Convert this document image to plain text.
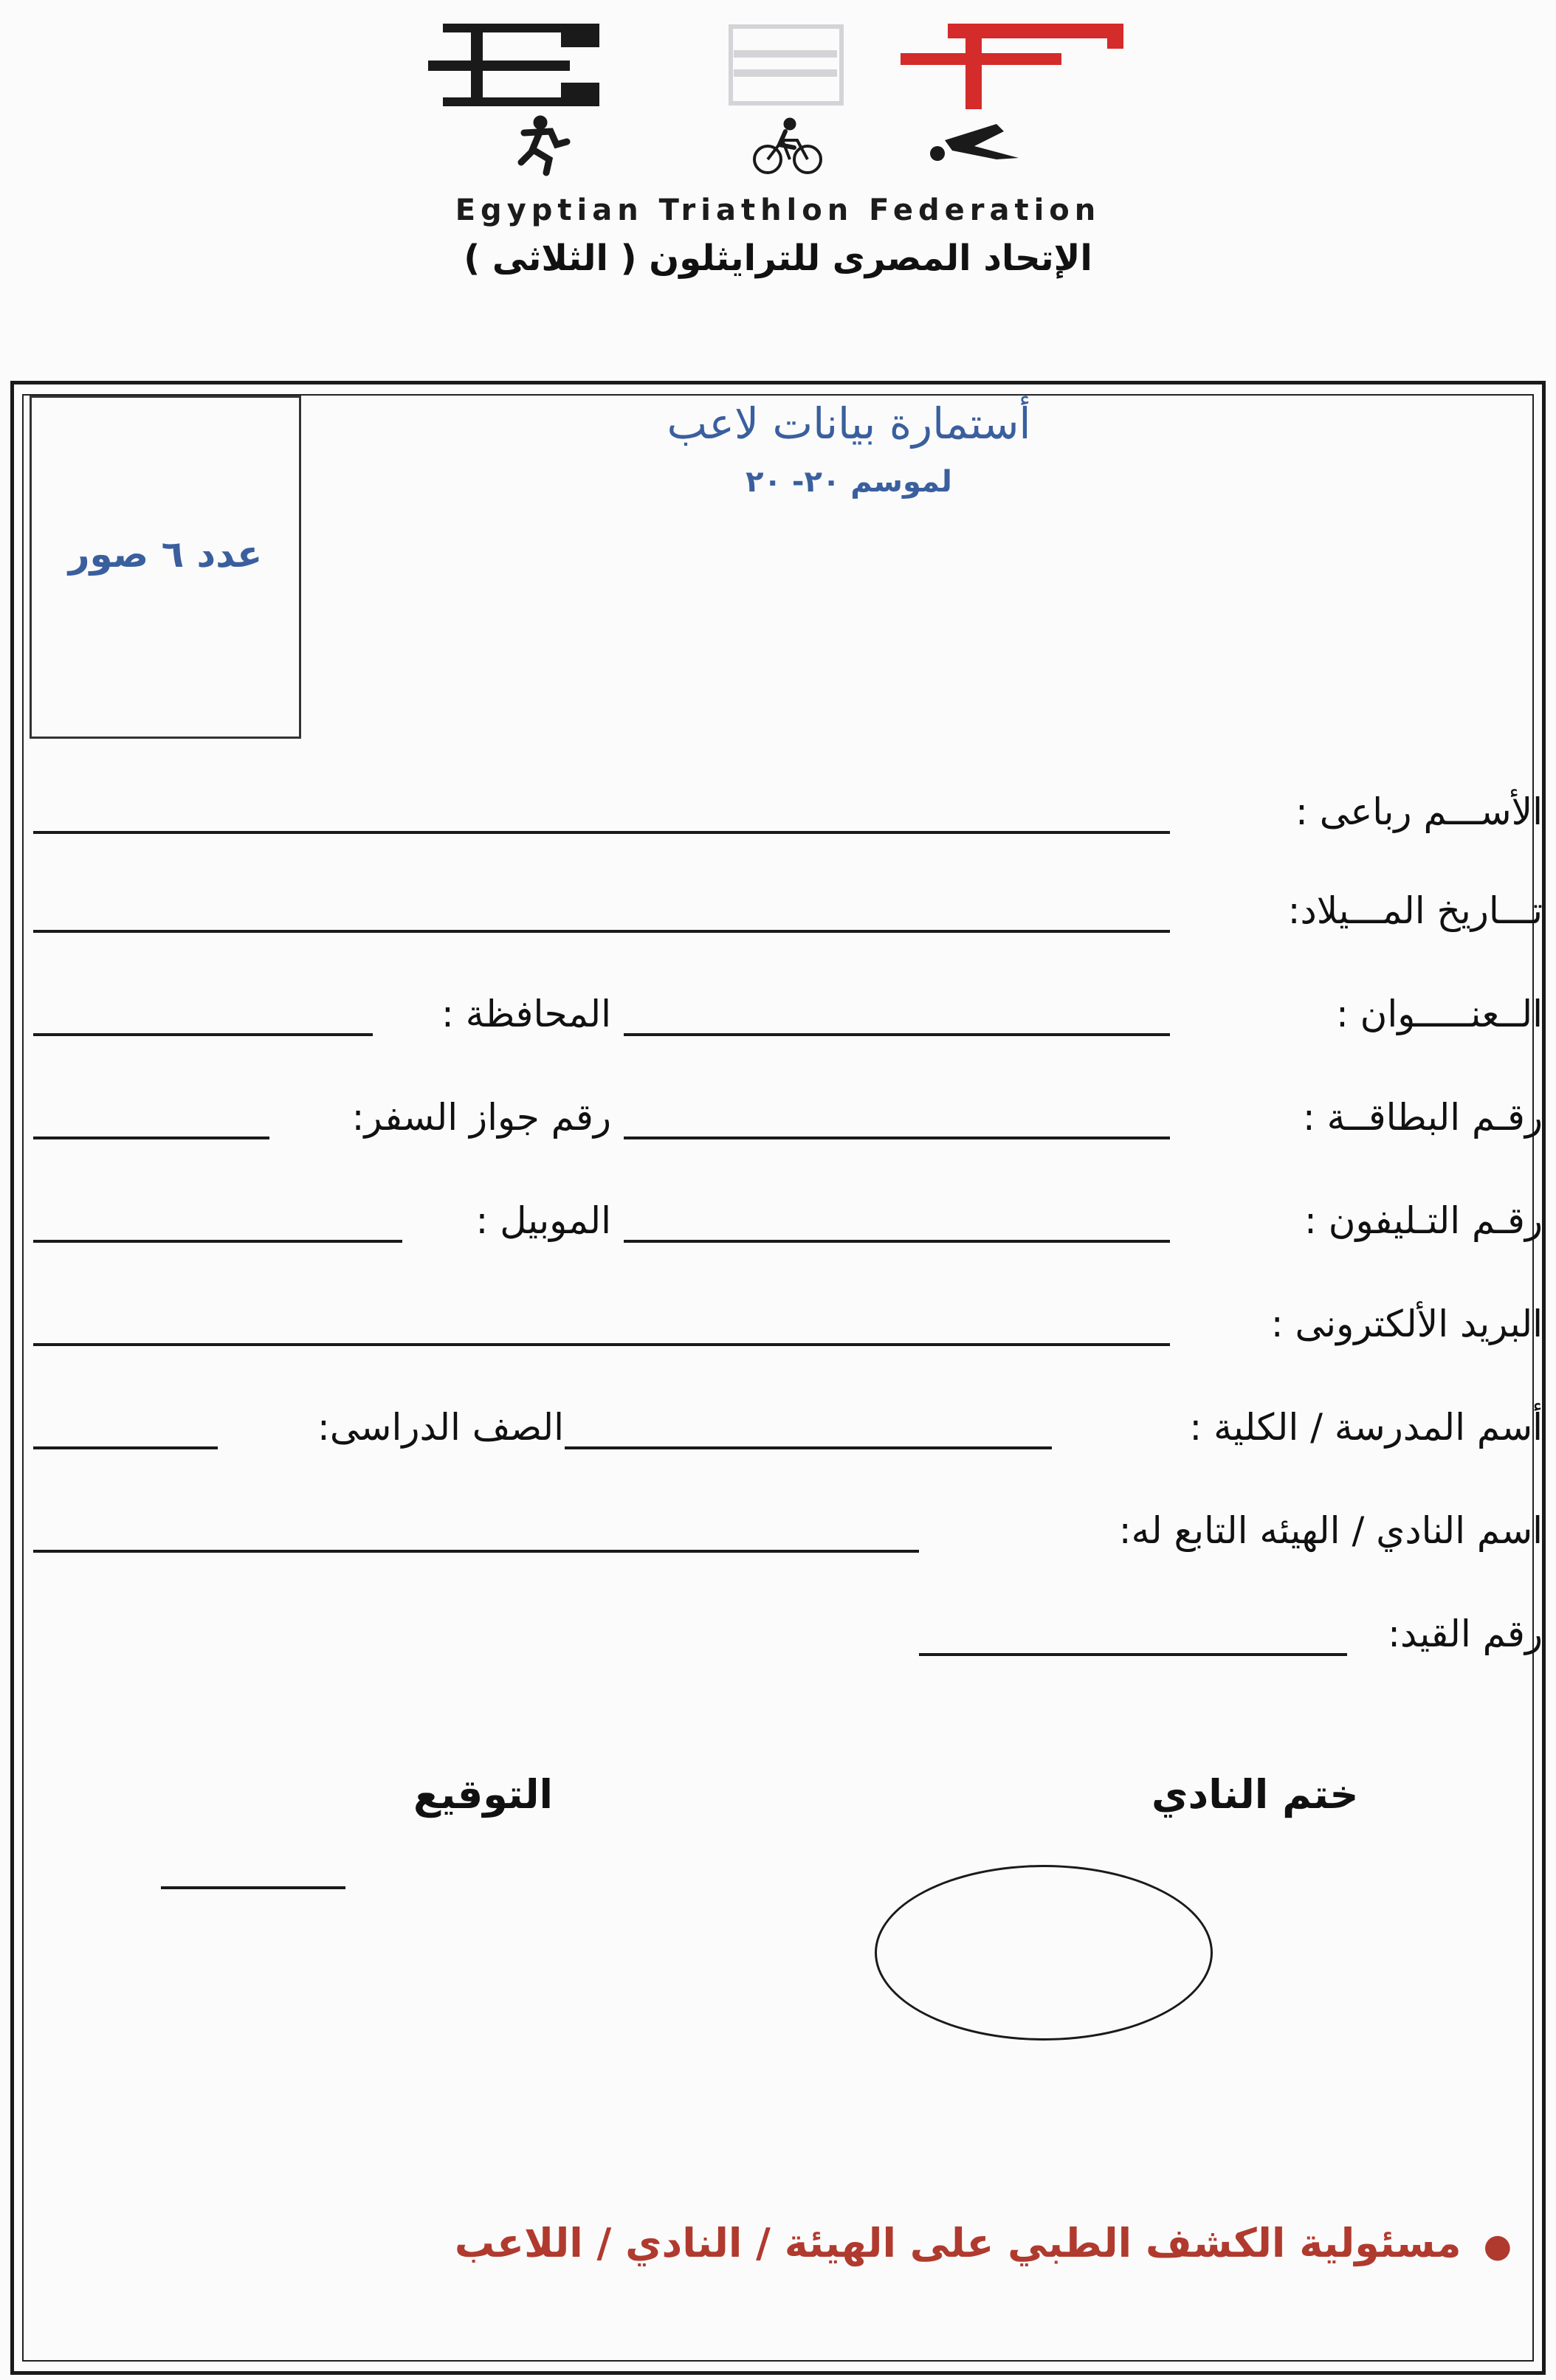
Egyptian Triathlon Federation
الإتحاد المصرى للترايثلون ( الثلاثى )
عدد ٦ صور
أستمارة بيانات لاعب
لموسم ٢٠- ٢٠
الأســـم رباعى :
تـــاريخ المـــيلاد:
الــعنـــــوان :
المحافظة :
رقـم البطاقــة :
رقم جواز السفر:
رقـم التـليفون :
الموبيل :
البريد الألكترونى :
أسم المدرسة / الكلية :
الصف الدراسى:
اسم النادي / الهيئه التابع له:
رقم القيد:
ختم النادي
التوقيع
●مسئولية الكشف الطبي على الهيئة / النادي / اللاعب
